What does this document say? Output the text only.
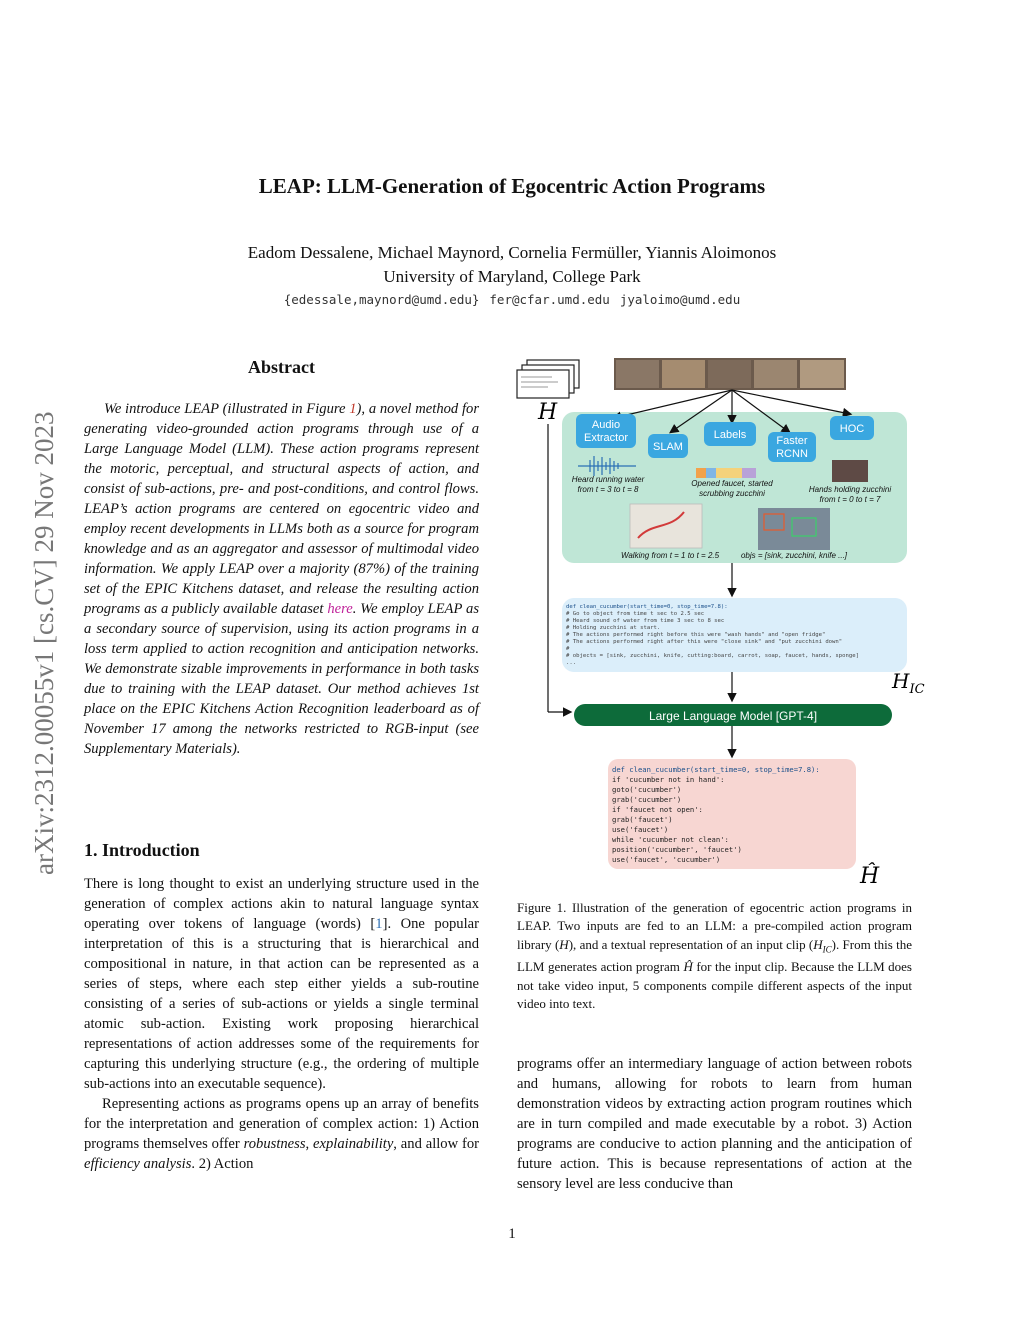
arXiv:2312.00055v1 [cs.CV] 29 Nov 2023
LEAP: LLM-Generation of Egocentric Action Programs
Eadom Dessalene, Michael Maynord, Cornelia Fermüller, Yiannis Aloimonos
University of Maryland, College Park
{edessale,maynord@umd.edu} fer@cfar.umd.edu jyaloimo@umd.edu
Abstract
We introduce LEAP (illustrated in Figure 1), a novel method for generating video-grounded action programs through use of a Large Language Model (LLM). These action programs represent the motoric, perceptual, and structural aspects of action, and consist of sub-actions, pre- and post-conditions, and control flows. LEAP’s action programs are centered on egocentric video and employ recent developments in LLMs both as a source for program knowledge and as an aggregator and assessor of multimodal video information. We apply LEAP over a majority (87%) of the training set of the EPIC Kitchens dataset, and release the resulting action programs as a publicly available dataset here. We employ LEAP as a secondary source of supervision, using its action programs in a loss term applied to action recognition and anticipation networks. We demonstrate sizable improvements in performance in both tasks due to training with the LEAP dataset. Our method achieves 1st place on the EPIC Kitchens Action Recognition leaderboard as of November 17 among the networks restricted to RGB-input (see Supplementary Materials).
1. Introduction

There is long thought to exist an underlying structure used in the generation of complex actions akin to natural language syntax operating over tokens of language (words) [1]. One popular interpretation of this is a structuring that is hierarchical and compositional in nature, in that action can be represented as a series of steps, where each step either yields a sub-routine consisting of a series of sub-actions or yields a single terminal atomic sub-action. Existing work proposing hierarchical representations of action addresses some of the requirements for capturing this underlying structure (e.g., the ordering of multiple sub-actions into an executable sequence).

Representing actions as programs opens up an array of benefits for the interpretation and generation of complex action: 1) Action programs themselves offer robustness, explainability, and allow for efficiency analysis. 2) Action

programs offer an intermediary language of action between robots and humans, allowing for robots to learn from human demonstration videos by extracting action program routines which are in turn compiled and made executable by a robot. 3) Action programs are conducive to action planning and the anticipation of future action. This is because representations of action at the sensory level are less conducive than
Figure 1. Illustration of the generation of egocentric action programs in LEAP. Two inputs are fed to an LLM: a pre-compiled action program library (H), and a textual representation of an input clip $(H_{IC})$. From this the LLM generates action program Ĥ for the input clip. Because the LLM does not take video input, 5 components compile different aspects of the input video into text.
1
H	Audio
Extractor
SLAM
Labels	Faster
RCNN
HOC
Heard running water
from t = 3 to t = 8
Opened faucet, started
scrubbing zucchini	Hands holding zucchini
from t = 0 to t = 7
Walking from t = 1 to t = 2.5	objs = [sink, zucchini, knife ...]
def clean_cucumber(start_time=0, stop_time=7.8):
# Go to object from time t sec to 2.5 sec
# Heard sound of water from time 3 sec to 8 sec
# Holding zucchini at start.
# The actions performed right before this were "wash hands" and "open fridge"
# The actions performed right after this were "close sink" and "put zucchini down"
#
# objects = [sink, zucchini, knife, cutting:board, carrot, soap, faucet, hands, sponge]
...
$H_{IC}$
Large Language Model [GPT-4]
def clean_cucumber(start_time=0, stop_time=7.8):
if 'cucumber not in hand':
goto('cucumber')
grab('cucumber')
if 'faucet not open':
grab('faucet')
use('faucet')
while 'cucumber not clean':
position('cucumber', 'faucet')
use('faucet', 'cucumber')
Ĥ
